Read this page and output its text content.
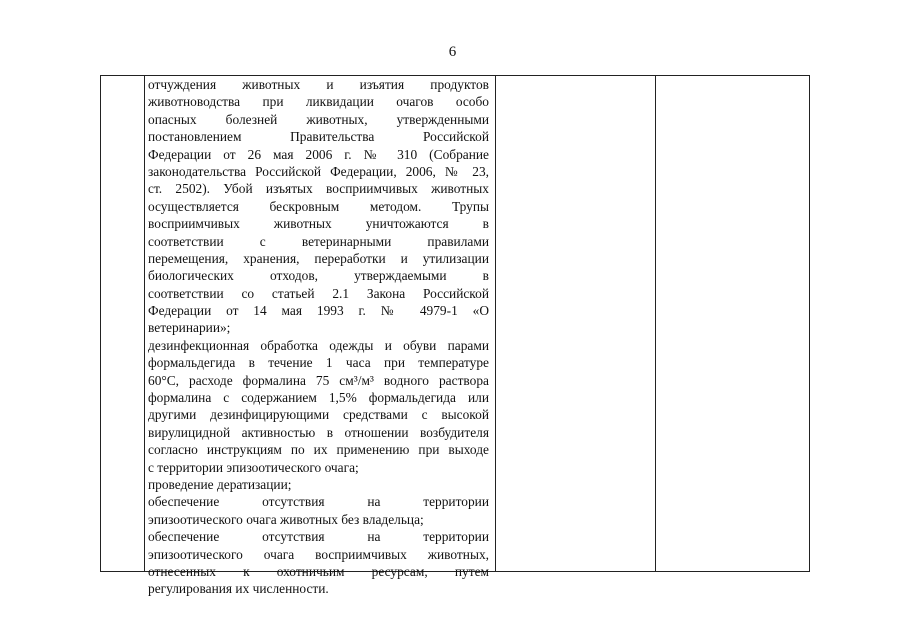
6
отчуждения животных и изъятия продуктов
животноводства при ликвидации очагов особо
опасных болезней животных, утвержденными
постановлением Правительства Российской
Федерации от 26 мая 2006 г. № 310 (Собрание
законодательства Российской Федерации, 2006, № 23,
ст. 2502). Убой изъятых восприимчивых животных
осуществляется бескровным методом. Трупы
восприимчивых животных уничтожаются в
соответствии с ветеринарными правилами
перемещения, хранения, переработки и утилизации
биологических отходов, утверждаемыми в
соответствии со статьей 2.1 Закона Российской
Федерации от 14 мая 1993 г. № 4979-1 «О
ветеринарии»;
дезинфекционная обработка одежды и обуви парами
формальдегида в течение 1 часа при температуре
60°C, расходе формалина 75 см³/м³ водного раствора
формалина с содержанием 1,5% формальдегида или
другими дезинфицирующими средствами с высокой
вирулицидной активностью в отношении возбудителя
согласно инструкциям по их применению при выходе
с территории эпизоотического очага;
проведение дератизации;
обеспечение отсутствия на территории
эпизоотического очага животных без владельца;
обеспечение отсутствия на территории
эпизоотического очага восприимчивых животных,
отнесенных к охотничьим ресурсам, путем
регулирования их численности.
